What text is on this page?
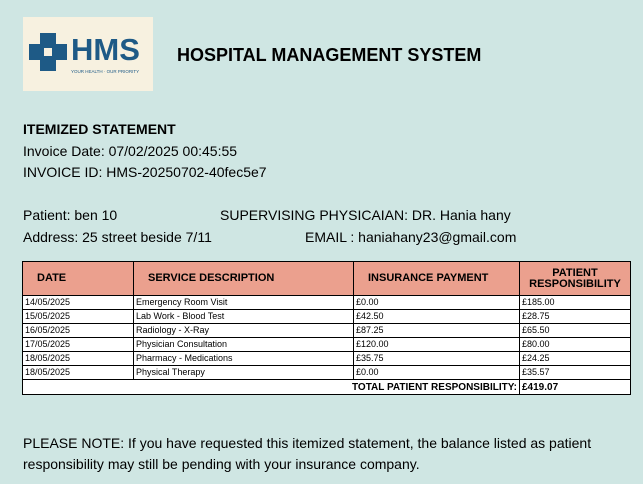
HMS
YOUR HEALTH · OUR PRIORITY
HOSPITAL MANAGEMENT SYSTEM
ITEMIZED STATEMENT
Invoice Date: 07/02/2025 00:45:55
INVOICE ID: HMS-20250702-40fec5e7
Patient: ben 10	SUPERVISING PHYSICAIAN: DR. Hania hany
Address: 25 street beside 7/11	EMAIL : haniahany23@gmail.com
DATE	SERVICE DESCRIPTION	INSURANCE PAYMENT	PATIENT RESPONSIBILITY
14/05/2025	Emergency Room Visit	£0.00	£185.00
15/05/2025	Lab Work - Blood Test	£42.50	£28.75
16/05/2025	Radiology - X-Ray	£87.25	£65.50
17/05/2025	Physician Consultation	£120.00	£80.00
18/05/2025	Pharmacy - Medications	£35.75	£24.25
18/05/2025	Physical Therapy	£0.00	£35.57
TOTAL PATIENT RESPONSIBILITY:			£419.07
PLEASE NOTE: If you have requested this itemized statement, the balance listed as patient responsibility may still be pending with your insurance company.
